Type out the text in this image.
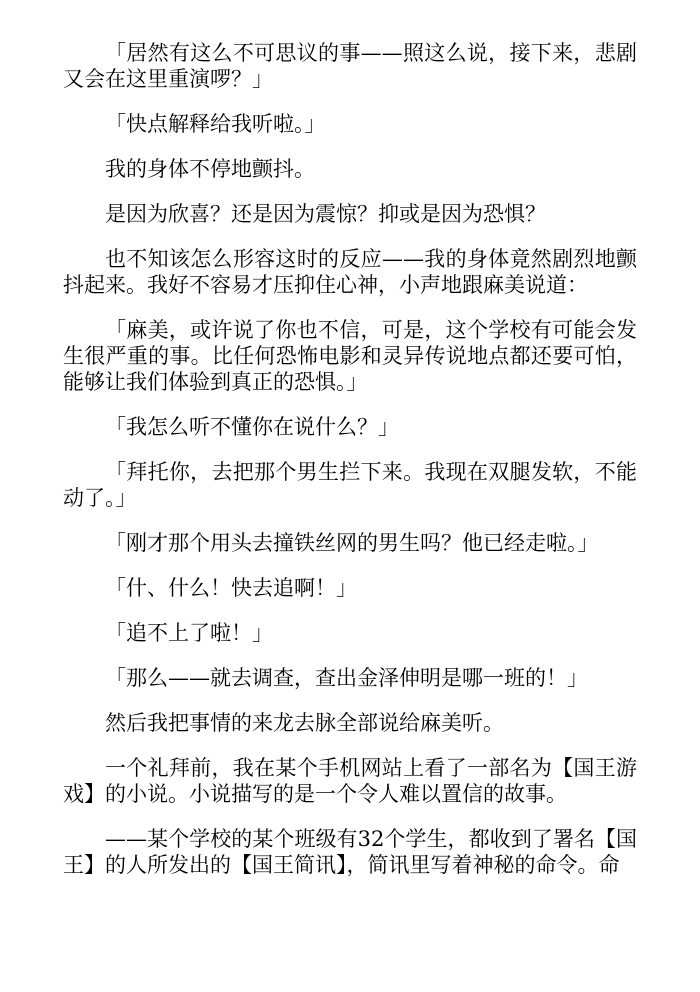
「居然有这么不可思议的事——照这么说，接下来，悲剧又会在这里重演啰？」

「快点解释给我听啦。」

我的身体不停地颤抖。

是因为欣喜？还是因为震惊？抑或是因为恐惧？

也不知该怎么形容这时的反应——我的身体竟然剧烈地颤抖起来。我好不容易才压抑住心神，小声地跟麻美说道：

「麻美，或许说了你也不信，可是，这个学校有可能会发生很严重的事。比任何恐怖电影和灵异传说地点都还要可怕，能够让我们体验到真正的恐惧。」

「我怎么听不懂你在说什么？」

「拜托你，去把那个男生拦下来。我现在双腿发软，不能动了。」

「刚才那个用头去撞铁丝网的男生吗？他已经走啦。」

「什、什么！快去追啊！」

「追不上了啦！」

「那么——就去调查，查出金泽伸明是哪一班的！」

然后我把事情的来龙去脉全部说给麻美听。

一个礼拜前，我在某个手机网站上看了一部名为【国王游戏】的小说。小说描写的是一个令人难以置信的故事。

——某个学校的某个班级有32个学生，都收到了署名【国王】的人所发出的【国王简讯】，简讯里写着神秘的命令。命
